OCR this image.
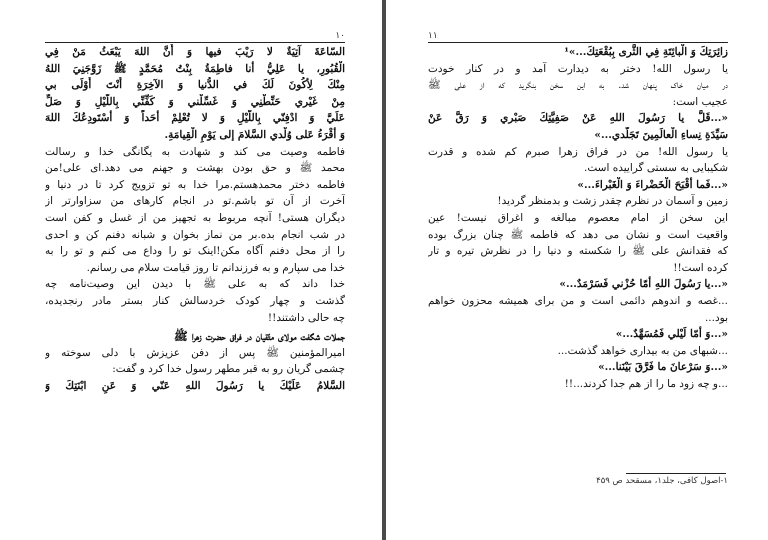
۱۰
السّاعَةَ آتِيَةٌ لا رَيْبَ فيها وَ أَنَّ اللهَ يَبْعَثُ مَنْ فِي
الْقُبُورِ، يا عَلِيُّ أنا فاطِمَةُ بِنْتُ مُحَمَّدٍ ﷺ زَوَّجَنِيَ اللهُ
مِنْكَ لِأكُونَ لَكَ في الدُّنيا وَ الآخِرَةِ أَنْتَ أَوْلَى بي
مِنْ غَيْري حَنِّطْنِي وَ غَسِّلْني وَ كَفِّنِّي بِاللَّيْلِ وَ صَلِّ
عَلَيَّ وَ ادْفِنّي بِاللَّيْلِ وَ لا تُعْلِمْ أحَداً وَ أسْتَودِعُكَ اللهَ
وَ أقْرَءُ عَلى وُلْدي السَّلامَ إلى يَوْمِ الْقِيامَةِ.
فاطمه وصیت می کند و شهادت به یگانگی خدا و رسالت
محمد ﷺ و حق بودن بهشت و جهنم می دهد.ای علی!من
فاطمه دختر محمدهستم.مرا خدا به تو تزویج کرد تا در دنیا و
آخرت از آن تو باشم.تو در انجام کارهای من سزاوارتر از
دیگران هستی! آنچه مربوط به تجهیز من از غسل و کفن است
در شب انجام بده.بر من نماز بخوان و شبانه دفنم کن و احدی
را از محل دفنم آگاه مکن!اینک تو را وداع می کنم و تو را به
خدا می سپارم و به فرزندانم تا روز قیامت سلام می رسانم.
خدا داند که به علی ﷺ با دیدن این وصیت‌نامه چه
گذشت و چهار کودک خردسالش کنار بستر مادر رنجدیده،
چه حالی داشتند!!
جملات شگفت مولای متّقیان در فراق حضرت زهرا ﷺ
امیرالمؤمنین ﷺ پس از دفن عزیزش با دلی سوخته و
چشمی گریان رو به قبر مطهر رسول خدا کرد و گفت:
السَّلامُ عَلَيْكَ يا رَسُولَ اللهِ عَنّي وَ عَنِ ابْنَتِكَ وَ
۱۱
زائِرَتِكَ وَ الْبائِتَةِ فِي الثَّرى بِبُقْعَتِكَ...»¹
یا رسول الله! دختر به دیدارت آمد و در کنار خودت
در میان خاک پنهان شد. به این سخن بنگرید که از علی ﷺ
عجیب است:
«...قَلَّ يا رَسُولَ اللهِ عَنْ صَفِيَّتِكَ صَبْري وَ رَقَّ عَنْ
سَيِّدَةِ نِساءِ الْعالَمِينَ تَجَلُّدي...»
یا رسول الله! من در فراق زهرا صبرم کم شده و قدرت
شکیبایی به سستی گراییده است.
«...فَما أقْبَحَ الْخَضْراءَ وَ الْغَبْراءَ...»
زمین و آسمان در نظرم چقدر زشت و بدمنظر گردید!
این سخن از امام معصوم مبالغه و اغراق نیست! عین
واقعیت است و نشان می دهد که فاطمه ﷺ چنان بزرگ بوده
که فقدانش علی ﷺ را شکسته و دنیا را در نظرش تیره و تار
کرده است!!
«...يا رَسُولَ اللهِ أمّا حُزْني فَسَرْمَدٌ...»
...غصه و اندوهم دائمی است و من برای همیشه محزون خواهم
بود...
«...وَ أمّا لَيْلي فَمُسَهَّدٌ...»
...شبهای من به بیداری خواهد گذشت...
«...وَ سَرْعانَ ما فَرَّقَ بَيْنَنا...»
...و چه زود ما را از هم جدا کردند...!!
۱-اصول کافی، جلد۱، مسقحد ص ۴۵۹
